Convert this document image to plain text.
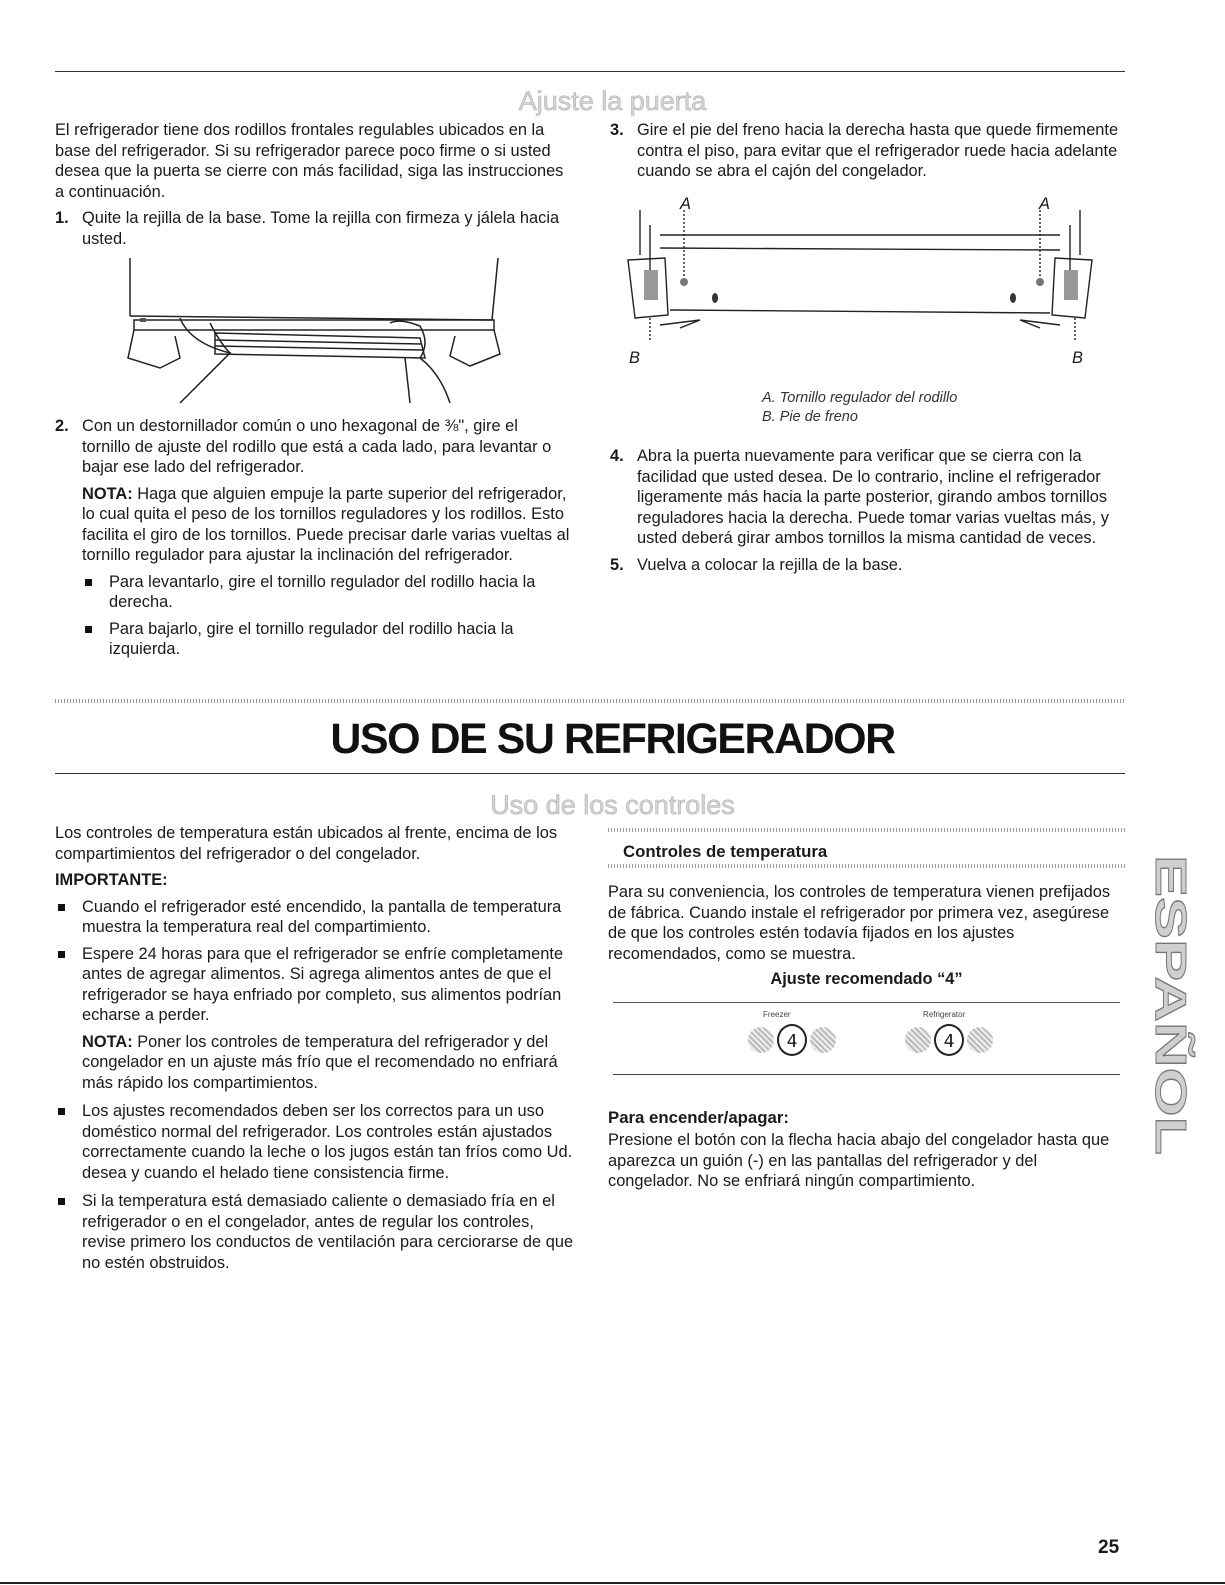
Ajuste la puerta

El refrigerador tiene dos rodillos frontales regulables ubicados en la base del refrigerador. Si su refrigerador parece poco firme o si usted desea que la puerta se cierre con más facilidad, siga las instrucciones a continuación.

1. Quite la rejilla de la base. Tome la rejilla con firmeza y jálela hacia usted.
2. Con un destornillador común o uno hexagonal de ⅜", gire el tornillo de ajuste del rodillo que está a cada lado, para levantar o bajar ese lado del refrigerador.

NOTA: Haga que alguien empuje la parte superior del refrigerador, lo cual quita el peso de los tornillos reguladores y los rodillos. Esto facilita el giro de los tornillos. Puede precisar darle varias vueltas al tornillo regulador para ajustar la inclinación del refrigerador.

Para levantarlo, gire el tornillo regulador del rodillo hacia la derecha.
Para bajarlo, gire el tornillo regulador del rodillo hacia la izquierda.
3. Gire el pie del freno hacia la derecha hasta que quede firmemente contra el piso, para evitar que el refrigerador ruede hacia adelante cuando se abra el cajón del congelador.
A	A
B	B

A. Tornillo regulador del rodillo

B. Pie de freno

4. Abra la puerta nuevamente para verificar que se cierra con la facilidad que usted desea. De lo contrario, incline el refrigerador ligeramente más hacia la parte posterior, girando ambos tornillos reguladores hacia la derecha. Puede tomar varias vueltas más, y usted deberá girar ambos tornillos la misma cantidad de veces.
5. Vuelva a colocar la rejilla de la base.
USO DE SU REFRIGERADOR
Uso de los controles

Los controles de temperatura están ubicados al frente, encima de los compartimientos del refrigerador o del congelador.

IMPORTANTE:

Cuando el refrigerador esté encendido, la pantalla de temperatura muestra la temperatura real del compartimiento.
Espere 24 horas para que el refrigerador se enfríe completamente antes de agregar alimentos. Si agrega alimentos antes de que el refrigerador se haya enfriado por completo, sus alimentos podrían echarse a perder.

NOTA: Poner los controles de temperatura del refrigerador y del congelador en un ajuste más frío que el recomendado no enfriará más rápido los compartimientos.

Los ajustes recomendados deben ser los correctos para un uso doméstico normal del refrigerador. Los controles están ajustados correctamente cuando la leche o los jugos están tan fríos como Ud. desea y cuando el helado tiene consistencia firme.
Si la temperatura está demasiado caliente o demasiado fría en el refrigerador o en el congelador, antes de regular los controles, revise primero los conductos de ventilación para cerciorarse de que no estén obstruidos.
Controles de temperatura
Para su conveniencia, los controles de temperatura vienen prefijados de fábrica. Cuando instale el refrigerador por primera vez, asegúrese de que los controles estén todavía fijados en los ajustes recomendados, como se muestra.
Ajuste recomendado “4”
Freezer	Refrigerator
4	4
Para encender/apagar:
Presione el botón con la flecha hacia abajo del congelador hasta que aparezca un guión (-) en las pantallas del refrigerador y del congelador. No se enfriará ningún compartimiento.
ESPAÑOL
25
